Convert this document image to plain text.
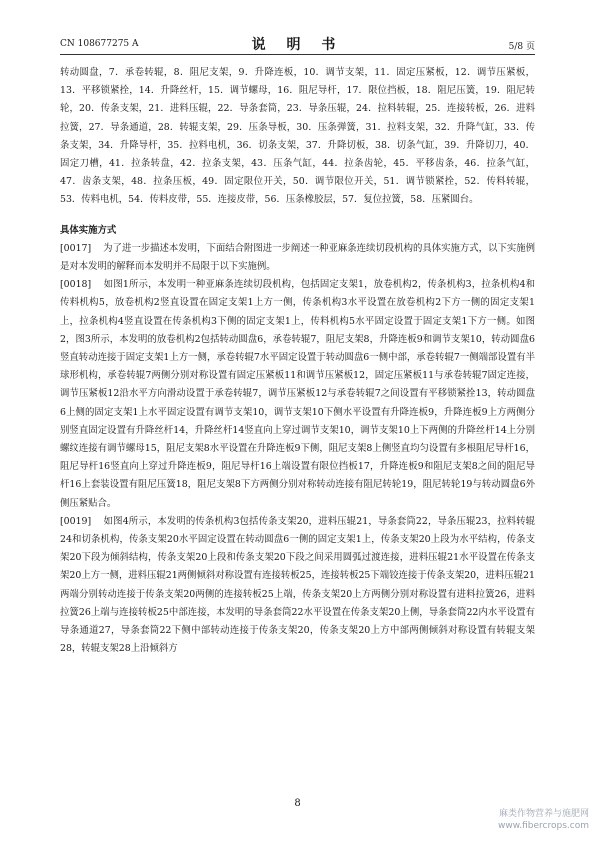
CN 108677275 A	说 明 书	5/8 页

转动圆盘，7．承卷转辊，8．阻尼支架，9．升降连板，10．调节支架，11．固定压紧板，12．调节压紧板，13．平移锁紧拴，14．升降丝杆，15．调节螺母，16．阻尼导杆，17．限位挡板，18．阻尼压簧，19．阻尼转轮，20．传条支架，21．进料压辊，22．导条套筒，23．导条压辊，24．拉料转辊，25．连接转板，26．进料拉簧，27．导条通道，28．转辊支架，29．压条导板，30．压条弹簧，31．拉料支架，32．升降气缸，33．传条支架，34．升降导杆，35．拉料电机，36．切条支架，37．升降切板，38．切条气缸，39．升降切刀，40．固定刀槽，41．拉条转盘，42．拉条支架，43．压条气缸，44．拉条齿轮，45．平移齿条，46．拉条气缸，47．齿条支架，48．拉条压板，49．固定限位开关，50．调节限位开关，51．调节锁紧拴，52．传料转辊，53．传料电机，54．传料皮带，55．连接皮带，56．压条橡胶层，57．复位拉簧，58．压紧圆台。

具体实施方式

[0017] 为了进一步描述本发明，下面结合附图进一步阐述一种亚麻条连续切段机构的具体实施方式，以下实施例是对本发明的解释而本发明并不局限于以下实施例。

[0018] 如图1所示，本发明一种亚麻条连续切段机构，包括固定支架1，放卷机构2，传条机构3，拉条机构4和传料机构5，放卷机构2竖直设置在固定支架1上方一侧，传条机构3水平设置在放卷机构2下方一侧的固定支架1上，拉条机构4竖直设置在传条机构3下侧的固定支架1上，传料机构5水平固定设置于固定支架1下方一侧。如图2，图3所示，本发明的放卷机构2包括转动圆盘6，承卷转辊7，阻尼支架8，升降连板9和调节支架10，转动圆盘6竖直转动连接于固定支架1上方一侧，承卷转辊7水平固定设置于转动圆盘6一侧中部，承卷转辊7一侧端部设置有半球形机构，承卷转辊7两侧分别对称设置有固定压紧板11和调节压紧板12，固定压紧板11与承卷转辊7固定连接，调节压紧板12沿水平方向滑动设置于承卷转辊7，调节压紧板12与承卷转辊7之间设置有平移锁紧拴13，转动圆盘6上侧的固定支架1上水平固定设置有调节支架10，调节支架10下侧水平设置有升降连板9，升降连板9上方两侧分别竖直固定设置有升降丝杆14，升降丝杆14竖直向上穿过调节支架10，调节支架10上下两侧的升降丝杆14上分别螺纹连接有调节螺母15，阻尼支架8水平设置在升降连板9下侧，阻尼支架8上侧竖直均匀设置有多根阻尼导杆16，阻尼导杆16竖直向上穿过升降连板9，阻尼导杆16上端设置有限位挡板17，升降连板9和阻尼支架8之间的阻尼导杆16上套装设置有阻尼压簧18，阻尼支架8下方两侧分别对称转动连接有阻尼转轮19，阻尼转轮19与转动圆盘6外侧压紧贴合。

[0019] 如图4所示，本发明的传条机构3包括传条支架20，进料压辊21，导条套筒22，导条压辊23，拉料转辊24和切条机构，传条支架20水平固定设置在转动圆盘6一侧的固定支架1上，传条支架20上段为水平结构，传条支架20下段为倾斜结构，传条支架20上段和传条支架20下段之间采用圆弧过渡连接，进料压辊21水平设置在传条支架20上方一侧，进料压辊21两侧倾斜对称设置有连接转板25，连接转板25下端铰连接于传条支架20，进料压辊21两端分别转动连接于传条支架20两侧的连接转板25上端，传条支架20上方两侧分别对称设置有进料拉簧26，进料拉簧26上端与连接转板25中部连接，本发明的导条套筒22水平设置在传条支架20上侧，导条套筒22内水平设置有导条通道27，导条套筒22下侧中部转动连接于传条支架20，传条支架20上方中部两侧倾斜对称设置有转辊支架28，转辊支架28上沿倾斜方

8
麻类作物营养与施肥网
www.fibercrops.com
